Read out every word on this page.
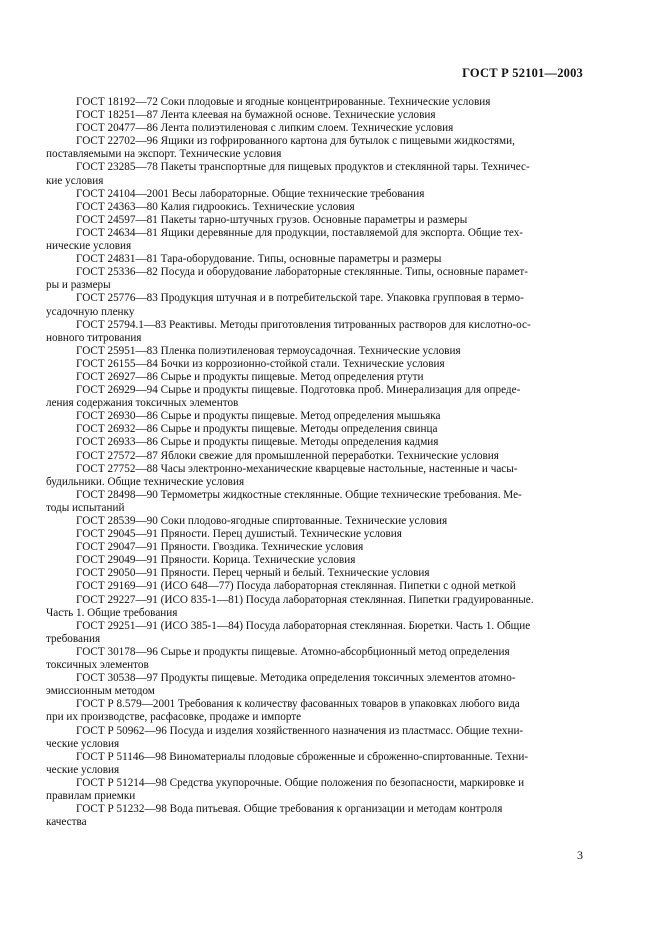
ГОСТ Р 52101—2003
ГОСТ 18192—72 Соки плодовые и ягодные концентрированные. Технические условия
ГОСТ 18251—87 Лента клеевая на бумажной основе. Технические условия
ГОСТ 20477—86 Лента полиэтиленовая с липким слоем. Технические условия
ГОСТ 22702—96 Ящики из гофрированного картона для бутылок с пищевыми жидкостями,
поставляемыми на экспорт. Технические условия
ГОСТ 23285—78 Пакеты транспортные для пищевых продуктов и стеклянной тары. Техничес-
кие условия
ГОСТ 24104—2001 Весы лабораторные. Общие технические требования
ГОСТ 24363—80 Калия гидроокись. Технические условия
ГОСТ 24597—81 Пакеты тарно-штучных грузов. Основные параметры и размеры
ГОСТ 24634—81 Ящики деревянные для продукции, поставляемой для экспорта. Общие тех-
нические условия
ГОСТ 24831—81 Тара-оборудование. Типы, основные параметры и размеры
ГОСТ 25336—82 Посуда и оборудование лабораторные стеклянные. Типы, основные парамет-
ры и размеры
ГОСТ 25776—83 Продукция штучная и в потребительской таре. Упаковка групповая в термо-
усадочную пленку
ГОСТ 25794.1—83 Реактивы. Методы приготовления титрованных растворов для кислотно-ос-
новного титрования
ГОСТ 25951—83 Пленка полиэтиленовая термоусадочная. Технические условия
ГОСТ 26155—84 Бочки из коррозионно-стойкой стали. Технические условия
ГОСТ 26927—86 Сырье и продукты пищевые. Метод определения ртути
ГОСТ 26929—94 Сырье и продукты пищевые. Подготовка проб. Минерализация для опреде-
ления содержания токсичных элементов
ГОСТ 26930—86 Сырье и продукты пищевые. Метод определения мышьяка
ГОСТ 26932—86 Сырье и продукты пищевые. Методы определения свинца
ГОСТ 26933—86 Сырье и продукты пищевые. Методы определения кадмия
ГОСТ 27572—87 Яблоки свежие для промышленной переработки. Технические условия
ГОСТ 27752—88 Часы электронно-механические кварцевые настольные, настенные и часы-
будильники. Общие технические условия
ГОСТ 28498—90 Термометры жидкостные стеклянные. Общие технические требования. Ме-
тоды испытаний
ГОСТ 28539—90 Соки плодово-ягодные спиртованные. Технические условия
ГОСТ 29045—91 Пряности. Перец душистый. Технические условия
ГОСТ 29047—91 Пряности. Гвоздика. Технические условия
ГОСТ 29049—91 Пряности. Корица. Технические условия
ГОСТ 29050—91 Пряности. Перец черный и белый. Технические условия
ГОСТ 29169—91 (ИСО 648—77) Посуда лабораторная стеклянная. Пипетки с одной меткой
ГОСТ 29227—91 (ИСО 835-1—81) Посуда лабораторная стеклянная. Пипетки градуированные.
Часть 1. Общие требования
ГОСТ 29251—91 (ИСО 385-1—84) Посуда лабораторная стеклянная. Бюретки. Часть 1. Общие
требования
ГОСТ 30178—96 Сырье и продукты пищевые. Атомно-абсорбционный метод определения
токсичных элементов
ГОСТ 30538—97 Продукты пищевые. Методика определения токсичных элементов атомно-
эмиссионным методом
ГОСТ Р 8.579—2001 Требования к количеству фасованных товаров в упаковках любого вида
при их производстве, расфасовке, продаже и импорте
ГОСТ Р 50962—96 Посуда и изделия хозяйственного назначения из пластмасс. Общие техни-
ческие условия
ГОСТ Р 51146—98 Виноматериалы плодовые сброженные и сброженно-спиртованные. Техни-
ческие условия
ГОСТ Р 51214—98 Средства укупорочные. Общие положения по безопасности, маркировке и
правилам приемки
ГОСТ Р 51232—98 Вода питьевая. Общие требования к организации и методам контроля
качества
3
